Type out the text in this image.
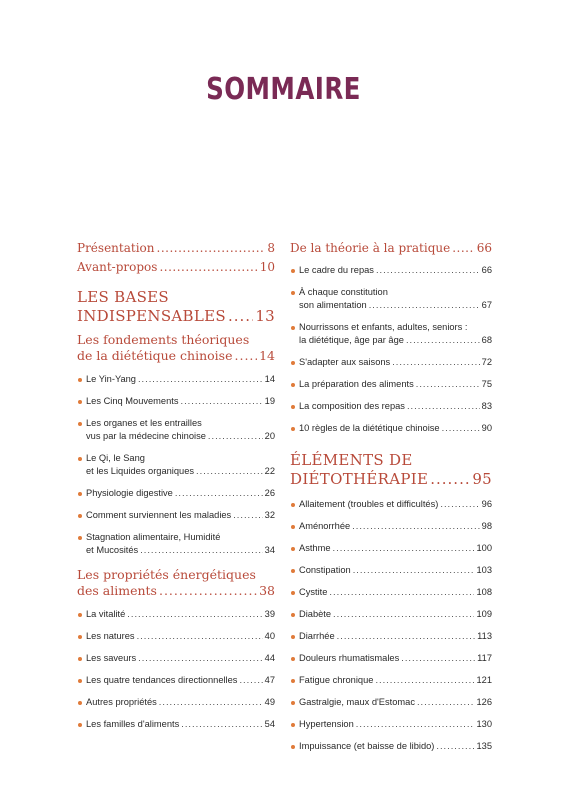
SOMMAIRE
Présentation .....	8
Avant-propos .....	10
LES BASES
INDISPENSABLES ..... 13
Les fondements théoriques
de la diététique chinoise ..... 14
Le Yin-Yang .....	14
Les Cinq Mouvements .....	19
Les organes et les entrailles
vus par la médecine chinoise .....	20
Le Qi, le Sang
et les Liquides organiques .....	22
Physiologie digestive .....	26
Comment surviennent les maladies .....	32
Stagnation alimentaire, Humidité
et Mucosités .....	34
Les propriétés énergétiques
des aliments .....	38
La vitalité .....	39
Les natures .....	40
Les saveurs .....	44
Les quatre tendances directionnelles .....	47
Autres propriétés .....	49
Les familles d'aliments .....	54
De la théorie à la pratique ..... 66
Le cadre du repas .....	66
À chaque constitution
son alimentation .....	67
Nourrissons et enfants, adultes, seniors :
la diététique, âge par âge .....	68
S'adapter aux saisons .....	72
La préparation des aliments .....	75
La composition des repas .....	83
10 règles de la diététique chinoise .....	90
ÉLÉMENTS DE
DIÉTOTHÉRAPIE .....	95
Allaitement (troubles et difficultés) .....	96
Aménorrhée .....	98
Asthme .....	100
Constipation .....	103
Cystite .....	108
Diabète .....	109
Diarrhée .....	113
Douleurs rhumatismales .....	117
Fatigue chronique .....	121
Gastralgie, maux d'Estomac .....	126
Hypertension .....	130
Impuissance (et baisse de libido) .....	135
